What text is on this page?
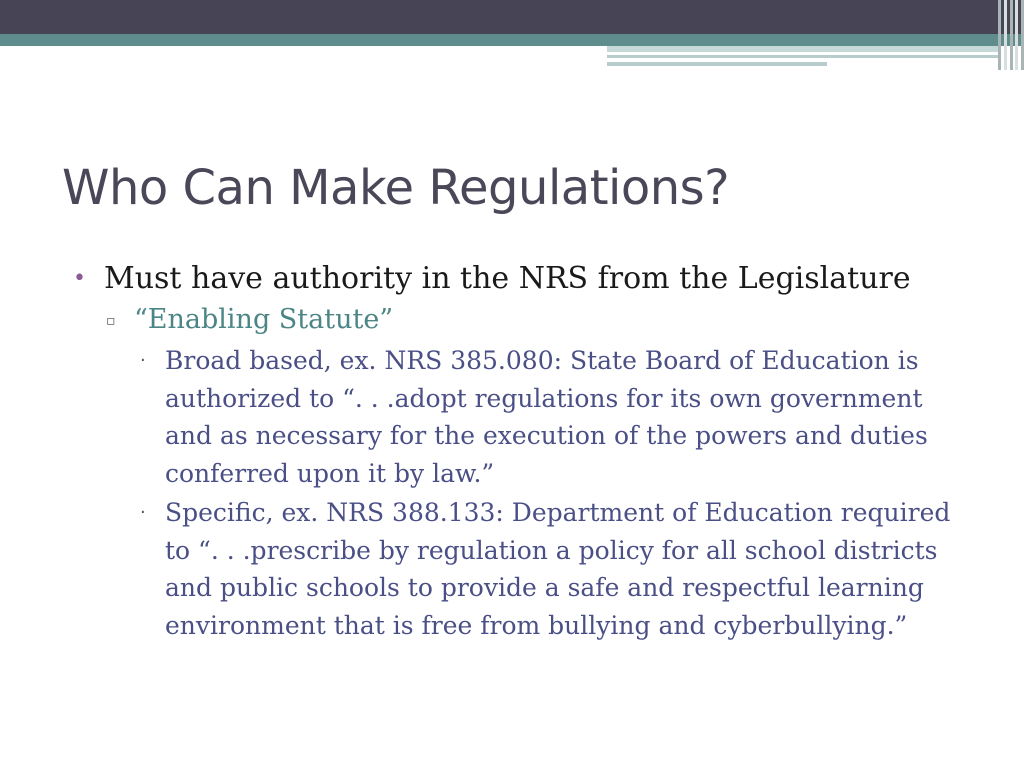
Who Can Make Regulations?
• Must have authority in the NRS from the Legislature
▫ “Enabling Statute”
· Broad based, ex. NRS 385.080: State Board of Education is authorized to “. . .adopt regulations for its own government and as necessary for the execution of the powers and duties conferred upon it by law.”
· Specific, ex. NRS 388.133: Department of Education required to “. . .prescribe by regulation a policy for all school districts and public schools to provide a safe and respectful learning environment that is free from bullying and cyberbullying.”
